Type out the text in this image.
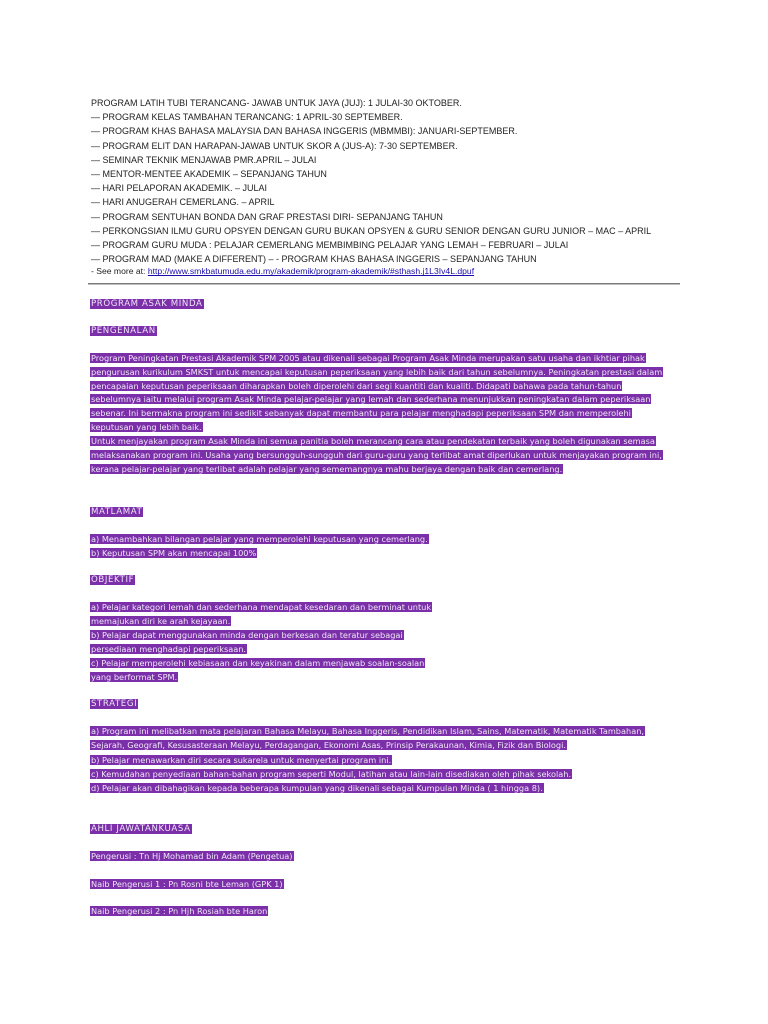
PROGRAM LATIH TUBI TERANCANG- JAWAB UNTUK JAYA (JUJ): 1 JULAI-30 OKTOBER.
— PROGRAM KELAS TAMBAHAN TERANCANG: 1 APRIL-30 SEPTEMBER.
— PROGRAM KHAS BAHASA MALAYSIA DAN BAHASA INGGERIS (MBMMBI): JANUARI-SEPTEMBER.
— PROGRAM ELIT DAN HARAPAN-JAWAB UNTUK SKOR A (JUS-A): 7-30 SEPTEMBER.
— SEMINAR TEKNIK MENJAWAB PMR.APRIL – JULAI
— MENTOR-MENTEE AKADEMIK – SEPANJANG TAHUN
— HARI PELAPORAN AKADEMIK. – JULAI
— HARI ANUGERAH CEMERLANG. – APRIL
— PROGRAM SENTUHAN BONDA DAN GRAF PRESTASI DIRI- SEPANJANG TAHUN
— PERKONGSIAN ILMU GURU OPSYEN DENGAN GURU BUKAN OPSYEN & GURU SENIOR DENGAN GURU JUNIOR – MAC – APRIL
— PROGRAM GURU MUDA : PELAJAR CEMERLANG MEMBIMBING PELAJAR YANG LEMAH – FEBRUARI – JULAI
— PROGRAM MAD (MAKE A DIFFERENT) – - PROGRAM KHAS BAHASA INGGERIS – SEPANJANG TAHUN
- See more at: http://www.smkbatumuda.edu.my/akademik/program-akademik/#sthash.j1L3Iv4L.dpuf
PROGRAM ASAK MINDA
PENGENALAN
Program Peningkatan Prestasi Akademik SPM 2005 atau dikenali sebagai Program Asak Minda merupakan satu usaha dan ikhtiar pihak pengurusan kurikulum SMKST untuk mencapai keputusan peperiksaan yang lebih baik dari tahun sebelumnya. Peningkatan prestasi dalam pencapaian keputusan peperiksaan diharapkan boleh diperolehi dari segi kuantiti dan kualiti. Didapati bahawa pada tahun-tahun sebelumnya iaitu melalui program Asak Minda pelajar-pelajar yang lemah dan sederhana menunjukkan peningkatan dalam peperiksaan sebenar. Ini bermakna program ini sedikit sebanyak dapat membantu para pelajar menghadapi peperiksaan SPM dan memperolehi keputusan yang lebih baik.
Untuk menjayakan program Asak Minda ini semua panitia boleh merancang cara atau pendekatan terbaik yang boleh digunakan semasa melaksanakan program ini. Usaha yang bersungguh-sungguh dari guru-guru yang terlibat amat diperlukan untuk menjayakan program ini, kerana pelajar-pelajar yang terlibat adalah pelajar yang sememangnya mahu berjaya dengan baik dan cemerlang.
MATLAMAT
a) Menambahkan bilangan pelajar yang memperolehi keputusan yang cemerlang.
b) Keputusan SPM akan mencapai 100%
OBJEKTIF
a) Pelajar kategori lemah dan sederhana mendapat kesedaran dan berminat untuk
memajukan diri ke arah kejayaan.
b) Pelajar dapat menggunakan minda dengan berkesan dan teratur sebagai
persediaan menghadapi peperiksaan.
c) Pelajar memperolehi kebiasaan dan keyakinan dalam menjawab soalan-soalan
yang berformat SPM.
STRATEGI
a) Program ini melibatkan mata pelajaran Bahasa Melayu, Bahasa Inggeris, Pendidikan Islam, Sains, Matematik, Matematik Tambahan, Sejarah, Geografi, Kesusasteraan Melayu, Perdagangan, Ekonomi Asas, Prinsip Perakaunan, Kimia, Fizik dan Biologi.
b) Pelajar menawarkan diri secara sukarela untuk menyertai program ini.
c) Kemudahan penyediaan bahan-bahan program seperti Modul, latihan atau lain-lain disediakan oleh pihak sekolah.
d) Pelajar akan dibahagikan kepada beberapa kumpulan yang dikenali sebagai Kumpulan Minda ( 1 hingga 8).
AHLI JAWATANKUASA
Pengerusi : Tn Hj Mohamad bin Adam (Pengetua)
Naib Pengerusi 1 : Pn Rosni bte Leman (GPK 1)
Naib Pengerusi 2 : Pn Hjh Rosiah bte Haron
